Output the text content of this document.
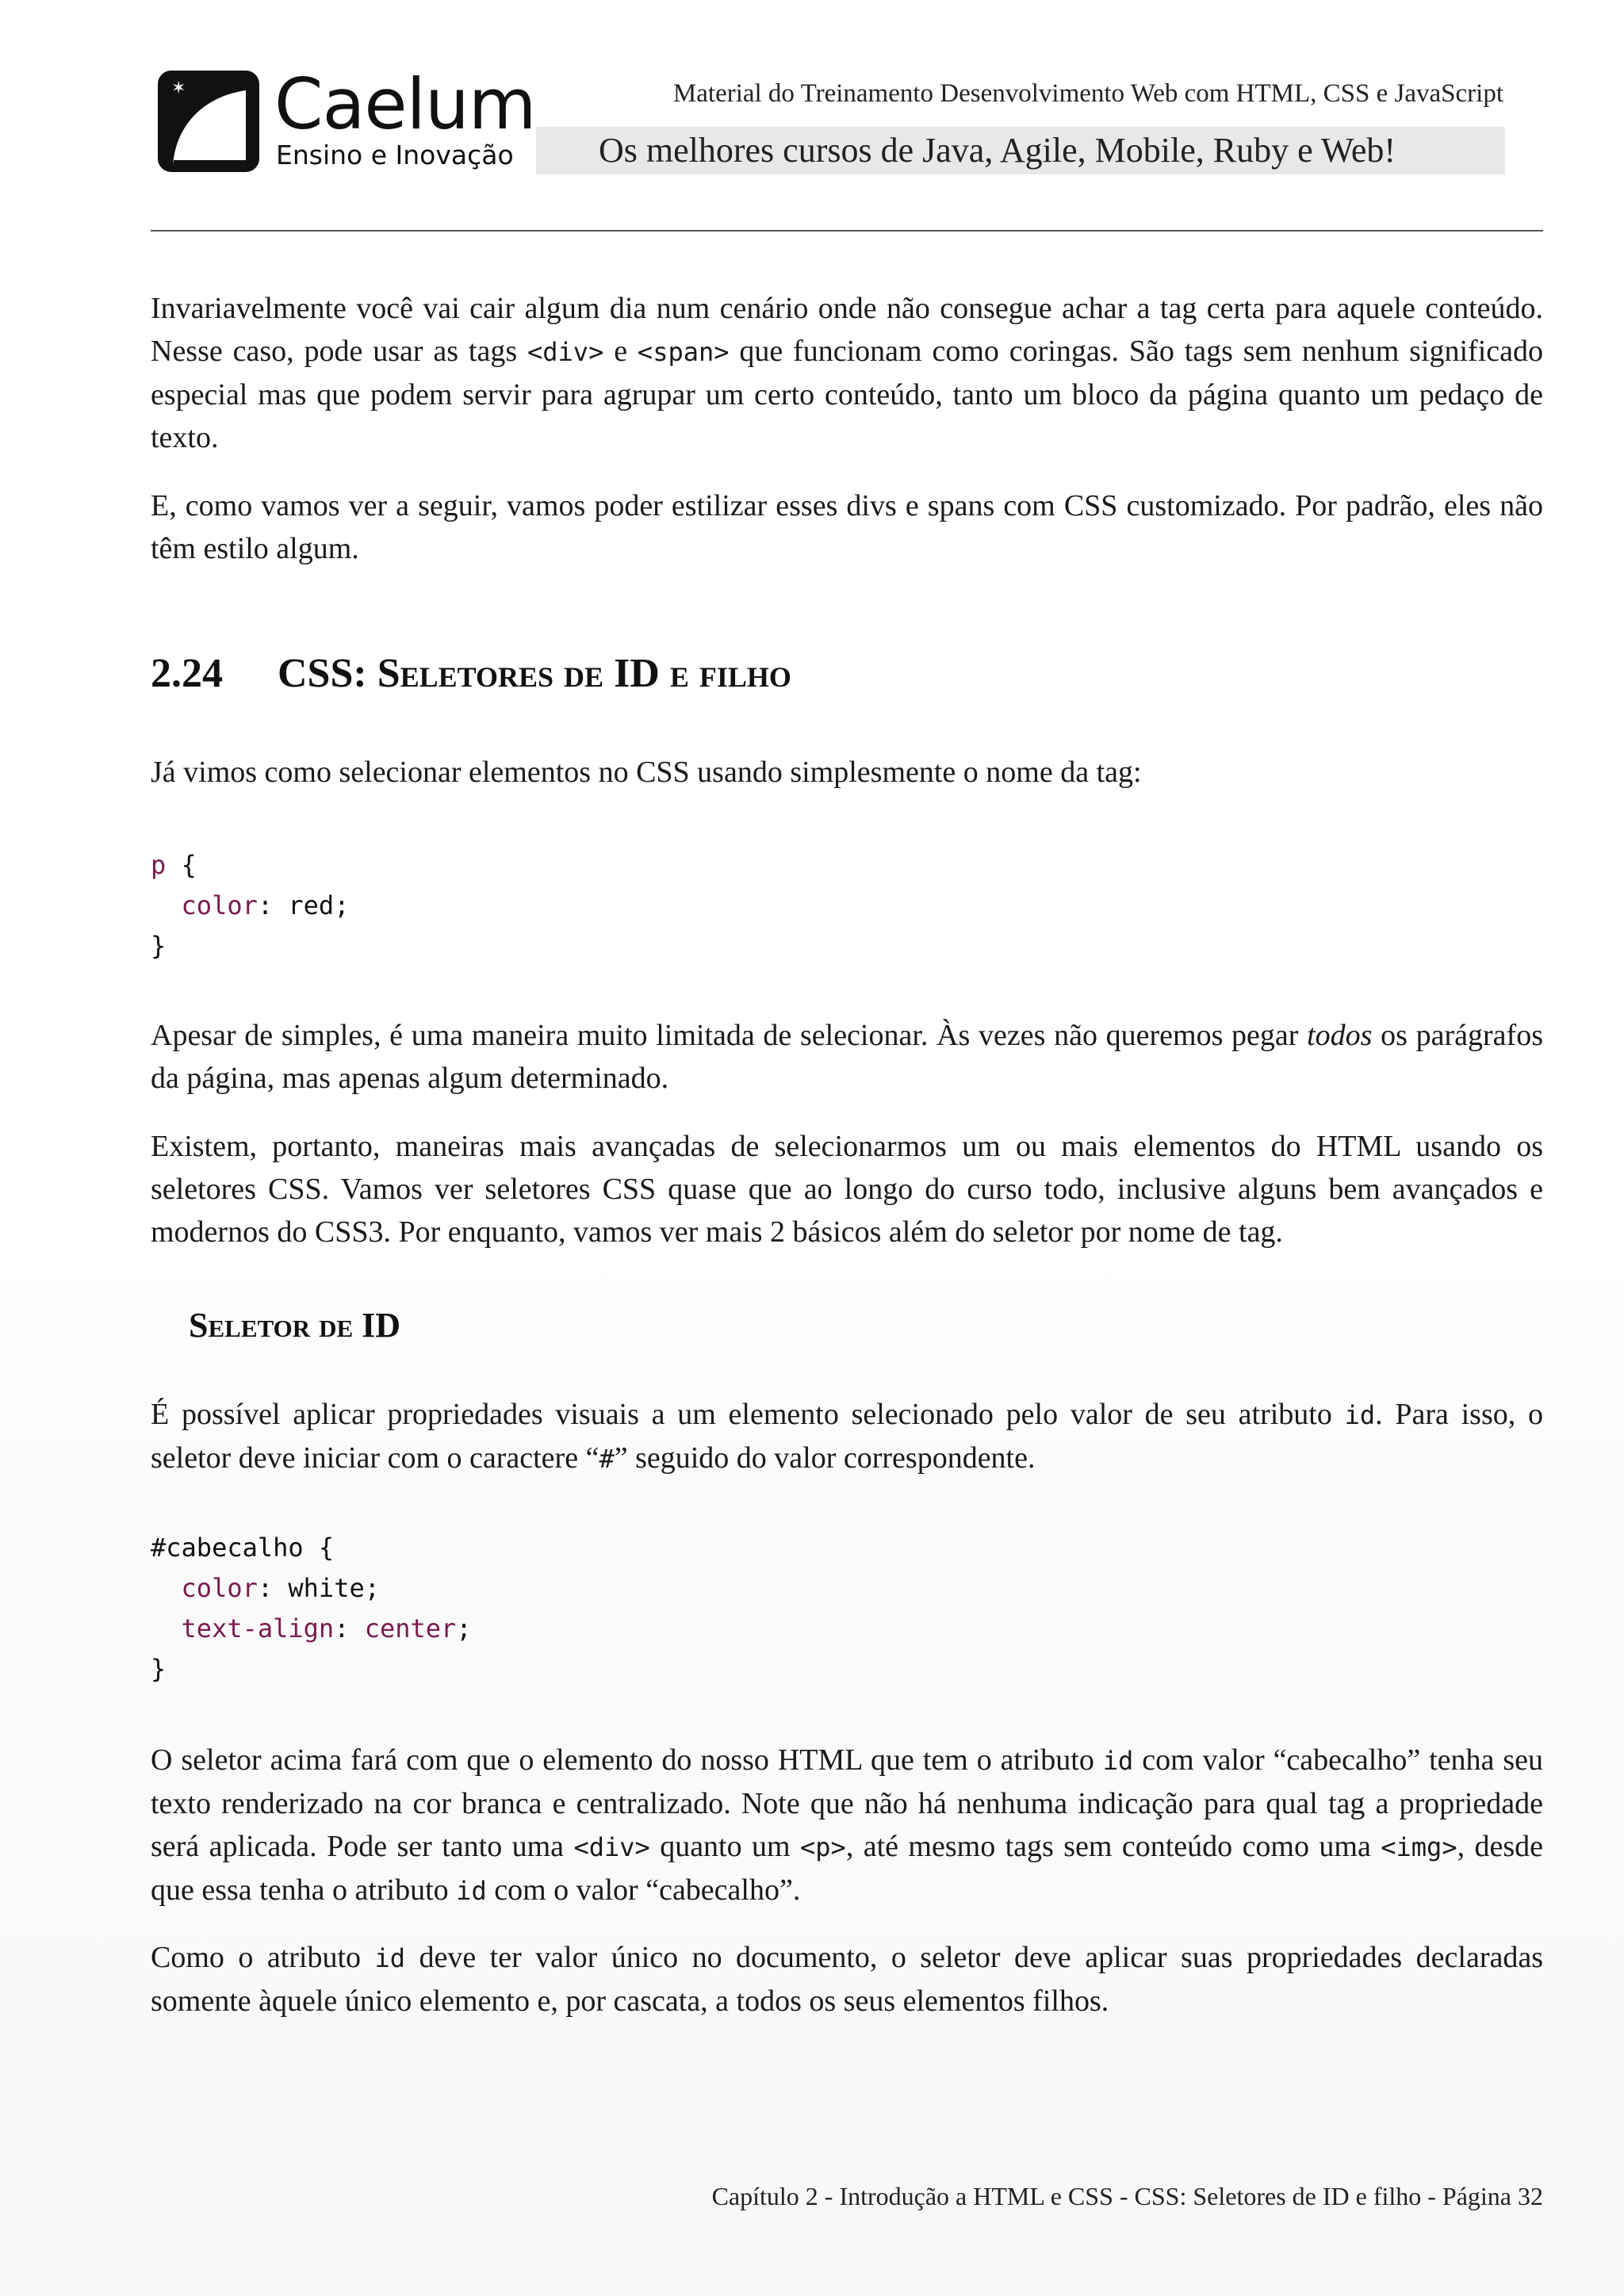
✶ Caelum
Ensino e Inovação
Material do Treinamento Desenvolvimento Web com HTML, CSS e JavaScript
Os melhores cursos de Java, Agile, Mobile, Ruby e Web!

Invariavelmente você vai cair algum dia num cenário onde não consegue achar a tag certa para aquele conteúdo. Nesse caso, pode usar as tags <div> e <span> que funcionam como coringas. São tags sem nenhum significado especial mas que podem servir para agrupar um certo conteúdo, tanto um bloco da página quanto um pedaço de texto.

E, como vamos ver a seguir, vamos poder estilizar esses divs e spans com CSS customizado. Por padrão, eles não têm estilo algum.

2.24 CSS: Seletores de ID e filho

Já vimos como selecionar elementos no CSS usando simplesmente o nome da tag:

p {
color: red;
}

Apesar de simples, é uma maneira muito limitada de selecionar. Às vezes não queremos pegar todos os parágrafos da página, mas apenas algum determinado.

Existem, portanto, maneiras mais avançadas de selecionarmos um ou mais elementos do HTML usando os seletores CSS. Vamos ver seletores CSS quase que ao longo do curso todo, inclusive alguns bem avançados e modernos do CSS3. Por enquanto, vamos ver mais 2 básicos além do seletor por nome de tag.

Seletor de ID

É possível aplicar propriedades visuais a um elemento selecionado pelo valor de seu atributo id. Para isso, o seletor deve iniciar com o caractere “#” seguido do valor correspondente.

#cabecalho {
color: white;
text-align: center;
}

O seletor acima fará com que o elemento do nosso HTML que tem o atributo id com valor “cabecalho” tenha seu texto renderizado na cor branca e centralizado. Note que não há nenhuma indicação para qual tag a propriedade será aplicada. Pode ser tanto uma <div> quanto um <p>, até mesmo tags sem conteúdo como uma <img>, desde que essa tenha o atributo id com o valor “cabecalho”.

Como o atributo id deve ter valor único no documento, o seletor deve aplicar suas propriedades declaradas somente àquele único elemento e, por cascata, a todos os seus elementos filhos.

Capítulo 2 - Introdução a HTML e CSS - CSS: Seletores de ID e filho - Página 32
